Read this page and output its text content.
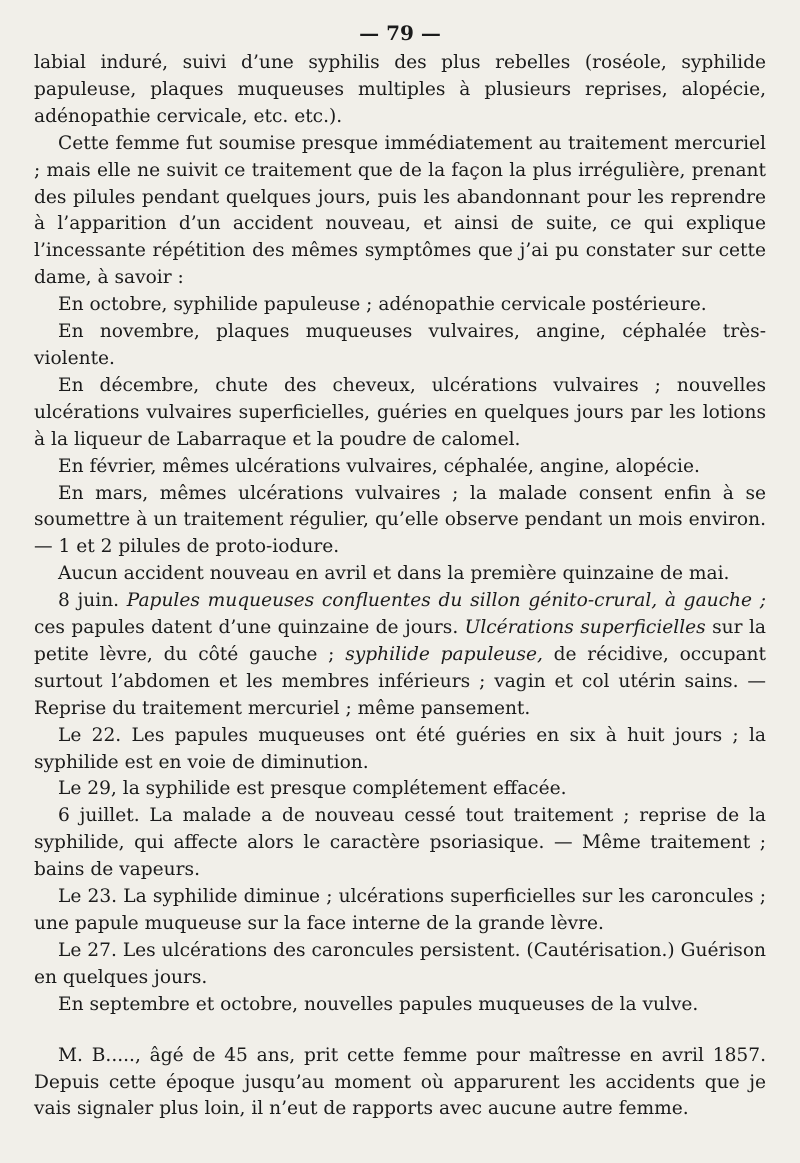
— 79 —

labial induré, suivi d’une syphilis des plus rebelles (roséole, syphilide papuleuse, plaques muqueuses multiples à plusieurs reprises, alopécie, adénopathie cervicale, etc. etc.).

Cette femme fut soumise presque immédiatement au traitement mercuriel ; mais elle ne suivit ce traitement que de la façon la plus irrégulière, prenant des pilules pendant quelques jours, puis les abandonnant pour les reprendre à l’apparition d’un accident nouveau, et ainsi de suite, ce qui explique l’incessante répétition des mêmes symptômes que j’ai pu constater sur cette dame, à savoir :

En octobre, syphilide papuleuse ; adénopathie cervicale postérieure.

En novembre, plaques muqueuses vulvaires, angine, céphalée très-violente.

En décembre, chute des cheveux, ulcérations vulvaires ; nouvelles ulcérations vulvaires superficielles, guéries en quelques jours par les lotions à la liqueur de Labarraque et la poudre de calomel.

En février, mêmes ulcérations vulvaires, céphalée, angine, alopécie.

En mars, mêmes ulcérations vulvaires ; la malade consent enfin à se soumettre à un traitement régulier, qu’elle observe pendant un mois environ. — 1 et 2 pilules de proto-iodure.

Aucun accident nouveau en avril et dans la première quinzaine de mai.

8 juin. Papules muqueuses confluentes du sillon génito-crural, à gauche ; ces papules datent d’une quinzaine de jours. Ulcérations superficielles sur la petite lèvre, du côté gauche ; syphilide papuleuse, de récidive, occupant surtout l’abdomen et les membres inférieurs ; vagin et col utérin sains. — Reprise du traitement mercuriel ; même pansement.

Le 22. Les papules muqueuses ont été guéries en six à huit jours ; la syphilide est en voie de diminution.

Le 29, la syphilide est presque complétement effacée.

6 juillet. La malade a de nouveau cessé tout traitement ; reprise de la syphilide, qui affecte alors le caractère psoriasique. — Même traitement ; bains de vapeurs.

Le 23. La syphilide diminue ; ulcérations superficielles sur les caroncules ; une papule muqueuse sur la face interne de la grande lèvre.

Le 27. Les ulcérations des caroncules persistent. (Cautérisation.) Guérison en quelques jours.

En septembre et octobre, nouvelles papules muqueuses de la vulve.

M. B....., âgé de 45 ans, prit cette femme pour maîtresse en avril 1857. Depuis cette époque jusqu’au moment où apparurent les accidents que je vais signaler plus loin, il n’eut de rapports avec aucune autre femme.
